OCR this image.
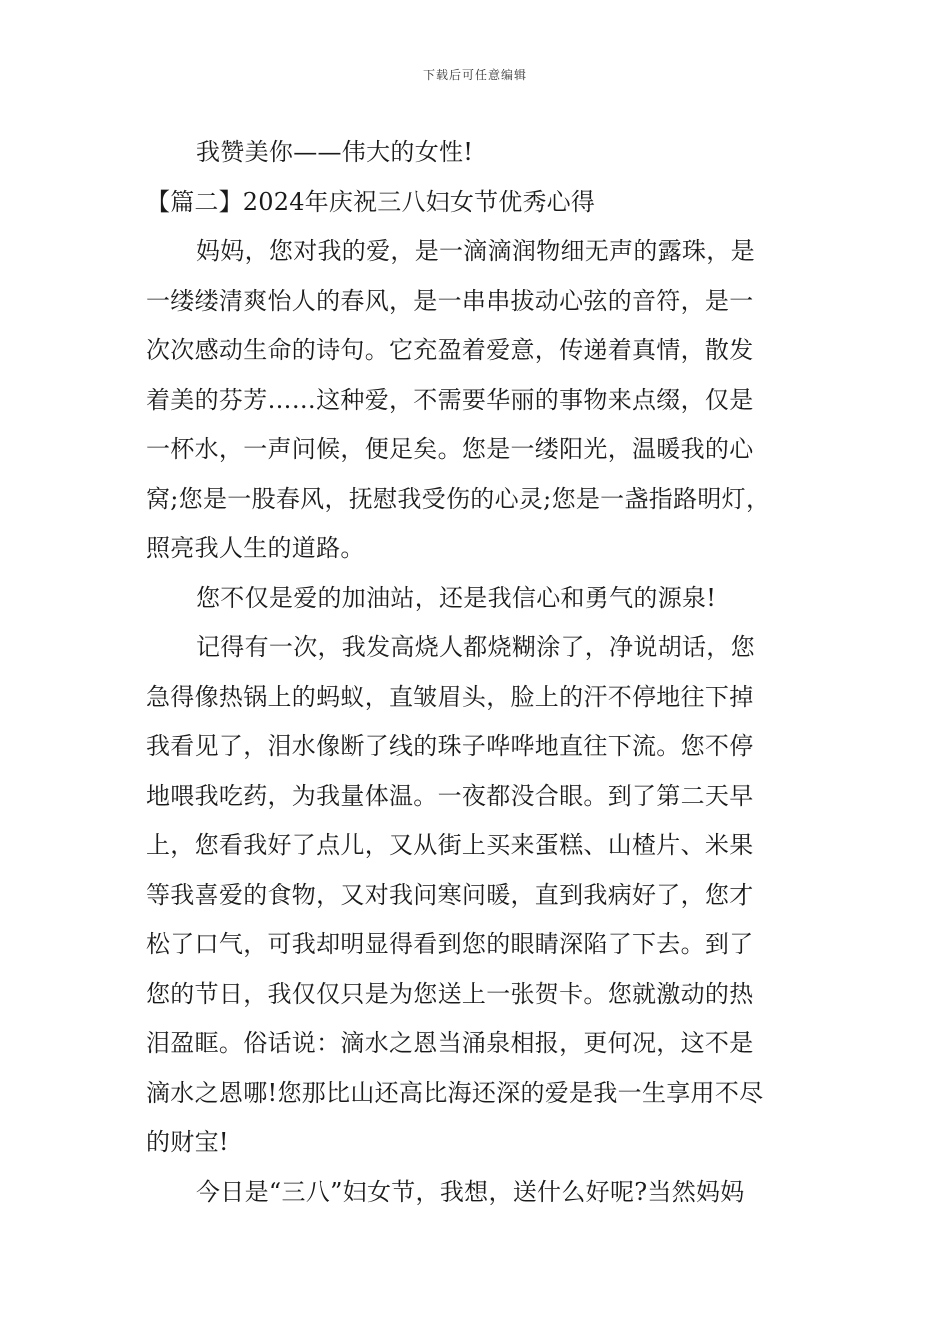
下载后可任意编辑
我赞美你——伟大的女性!
【篇二】2024年庆祝三八妇女节优秀心得
妈妈，您对我的爱，是一滴滴润物细无声的露珠，是
一缕缕清爽怡人的春风，是一串串拔动心弦的音符，是一
次次感动生命的诗句。它充盈着爱意，传递着真情，散发
着美的芬芳……这种爱，不需要华丽的事物来点缀，仅是
一杯水，一声问候，便足矣。您是一缕阳光，温暖我的心
窝;您是一股春风，抚慰我受伤的心灵;您是一盏指路明灯，
照亮我人生的道路。
您不仅是爱的加油站，还是我信心和勇气的源泉!
记得有一次，我发高烧人都烧糊涂了，净说胡话，您
急得像热锅上的蚂蚁，直皱眉头，脸上的汗不停地往下掉
我看见了，泪水像断了线的珠子哗哗地直往下流。您不停
地喂我吃药，为我量体温。一夜都没合眼。到了第二天早
上，您看我好了点儿，又从街上买来蛋糕、山楂片、米果
等我喜爱的食物，又对我问寒问暖，直到我病好了，您才
松了口气，可我却明显得看到您的眼睛深陷了下去。到了
您的节日，我仅仅只是为您送上一张贺卡。您就激动的热
泪盈眶。俗话说：滴水之恩当涌泉相报，更何况，这不是
滴水之恩哪!您那比山还高比海还深的爱是我一生享用不尽
的财宝!
今日是“三八”妇女节，我想，送什么好呢?当然妈妈
